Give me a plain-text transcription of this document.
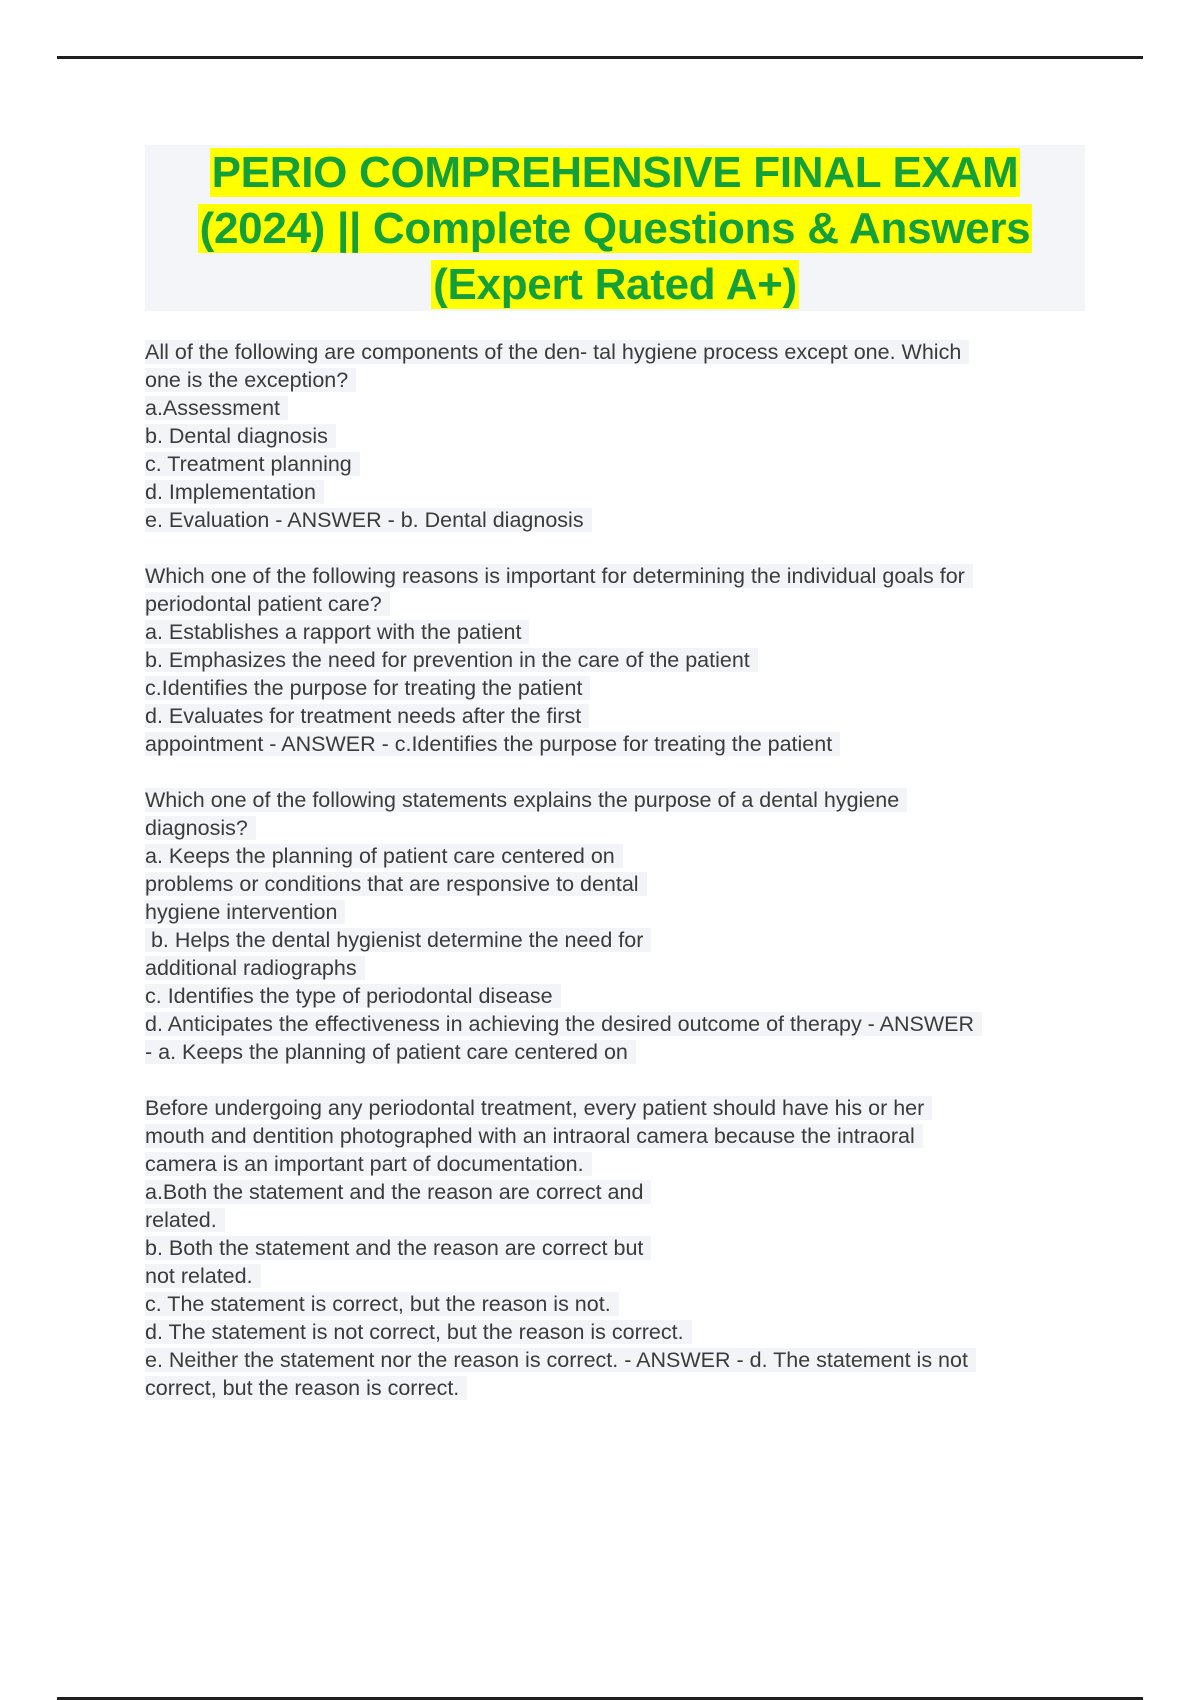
PERIO COMPREHENSIVE FINAL EXAM
(2024) || Complete Questions & Answers
(Expert Rated A+)
All of the following are components of the den- tal hygiene process except one. Which
one is the exception?
a.Assessment
b. Dental diagnosis
c. Treatment planning
d. Implementation
e. Evaluation - ANSWER - b. Dental diagnosis
Which one of the following reasons is important for determining the individual goals for
periodontal patient care?
a. Establishes a rapport with the patient
b. Emphasizes the need for prevention in the care of the patient
c.Identifies the purpose for treating the patient
d. Evaluates for treatment needs after the first
appointment - ANSWER - c.Identifies the purpose for treating the patient
Which one of the following statements explains the purpose of a dental hygiene
diagnosis?
a. Keeps the planning of patient care centered on
problems or conditions that are responsive to dental
hygiene intervention
b. Helps the dental hygienist determine the need for
additional radiographs
c. Identifies the type of periodontal disease
d. Anticipates the effectiveness in achieving the desired outcome of therapy - ANSWER
- a. Keeps the planning of patient care centered on
Before undergoing any periodontal treatment, every patient should have his or her
mouth and dentition photographed with an intraoral camera because the intraoral
camera is an important part of documentation.
a.Both the statement and the reason are correct and
related.
b. Both the statement and the reason are correct but
not related.
c. The statement is correct, but the reason is not.
d. The statement is not correct, but the reason is correct.
e. Neither the statement nor the reason is correct. - ANSWER - d. The statement is not
correct, but the reason is correct.
